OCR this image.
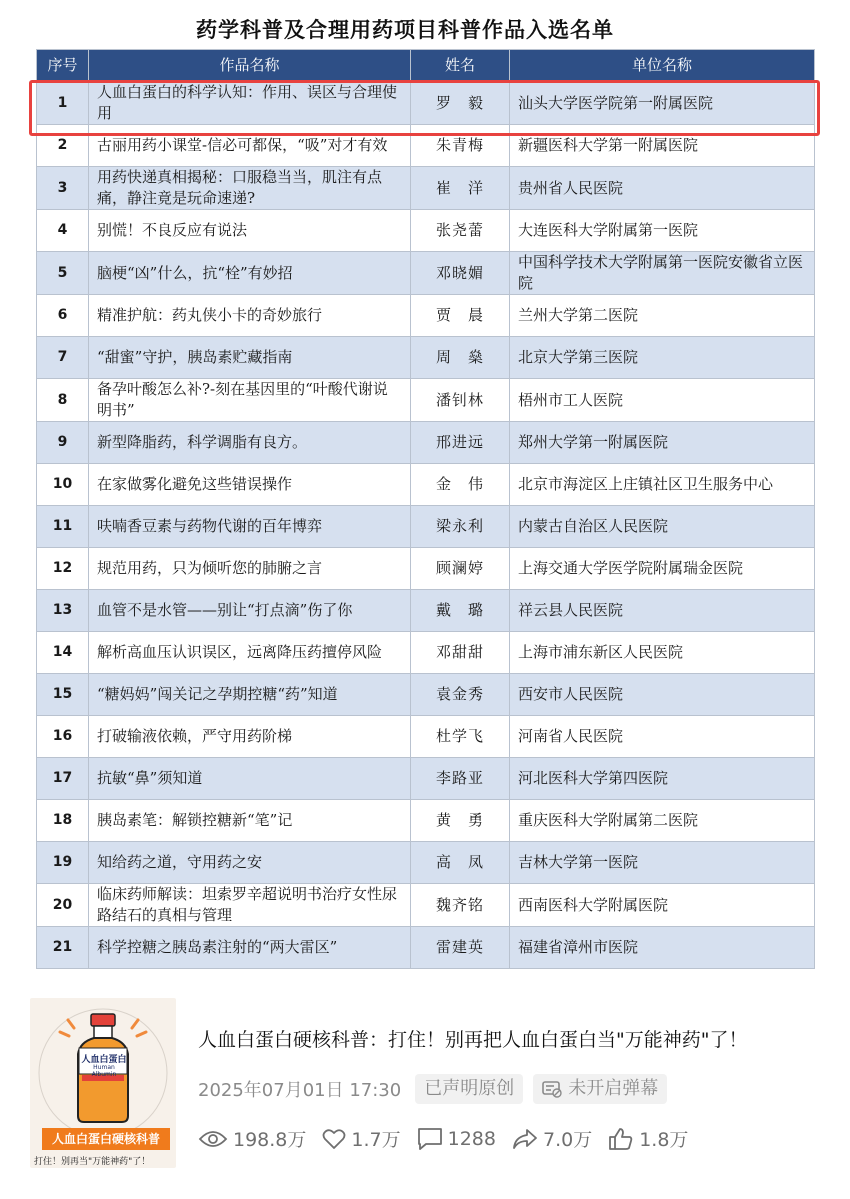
药学科普及合理用药项目科普作品入选名单
序号	作品名称	姓名	单位名称
1	人血白蛋白的科学认知：作用、误区与合理使用	罗　毅	汕头大学医学院第一附属医院
2	古丽用药小课堂-信必可都保，“吸”对才有效	朱青梅	新疆医科大学第一附属医院
3	用药快递真相揭秘：口服稳当当，肌注有点痛，静注竟是玩命速递?	崔　洋	贵州省人民医院
4	别慌！不良反应有说法	张尧蕾	大连医科大学附属第一医院
5	脑梗“凶”什么，抗“栓”有妙招	邓晓媚	中国科学技术大学附属第一医院安徽省立医院
6	精准护航：药丸侠小卡的奇妙旅行	贾　晨	兰州大学第二医院
7	“甜蜜”守护，胰岛素贮藏指南	周　燊	北京大学第三医院
8	备孕叶酸怎么补?-刻在基因里的“叶酸代谢说明书”	潘钊林	梧州市工人医院
9	新型降脂药，科学调脂有良方。	邢进远	郑州大学第一附属医院
10	在家做雾化避免这些错误操作	金　伟	北京市海淀区上庄镇社区卫生服务中心
11	呋喃香豆素与药物代谢的百年博弈	梁永利	内蒙古自治区人民医院
12	规范用药，只为倾听您的肺腑之言	顾澜婷	上海交通大学医学院附属瑞金医院
13	血管不是水管——别让“打点滴”伤了你	戴　璐	祥云县人民医院
14	解析高血压认识误区，远离降压药擅停风险	邓甜甜	上海市浦东新区人民医院
15	“糖妈妈”闯关记之孕期控糖“药”知道	袁金秀	西安市人民医院
16	打破输液依赖，严守用药阶梯	杜学飞	河南省人民医院
17	抗敏“鼻”须知道	李路亚	河北医科大学第四医院
18	胰岛素笔：解锁控糖新“笔”记	黄　勇	重庆医科大学附属第二医院
19	知给药之道，守用药之安	高　凤	吉林大学第一医院
20	临床药师解读：坦索罗辛超说明书治疗女性尿路结石的真相与管理	魏齐铭	西南医科大学附属医院
21	科学控糖之胰岛素注射的“两大雷区”	雷建英	福建省漳州市医院
人血白蛋白
Human Albumin
人血白蛋白硬核科普
打住！别再当"万能神药"了！
人血白蛋白硬核科普：打住！别再把人血白蛋白当"万能神药"了！
2025年07月01日 17:30 已声明原创	未开启弹幕
198.8万 1.7万 1288 7.0万 1.8万
